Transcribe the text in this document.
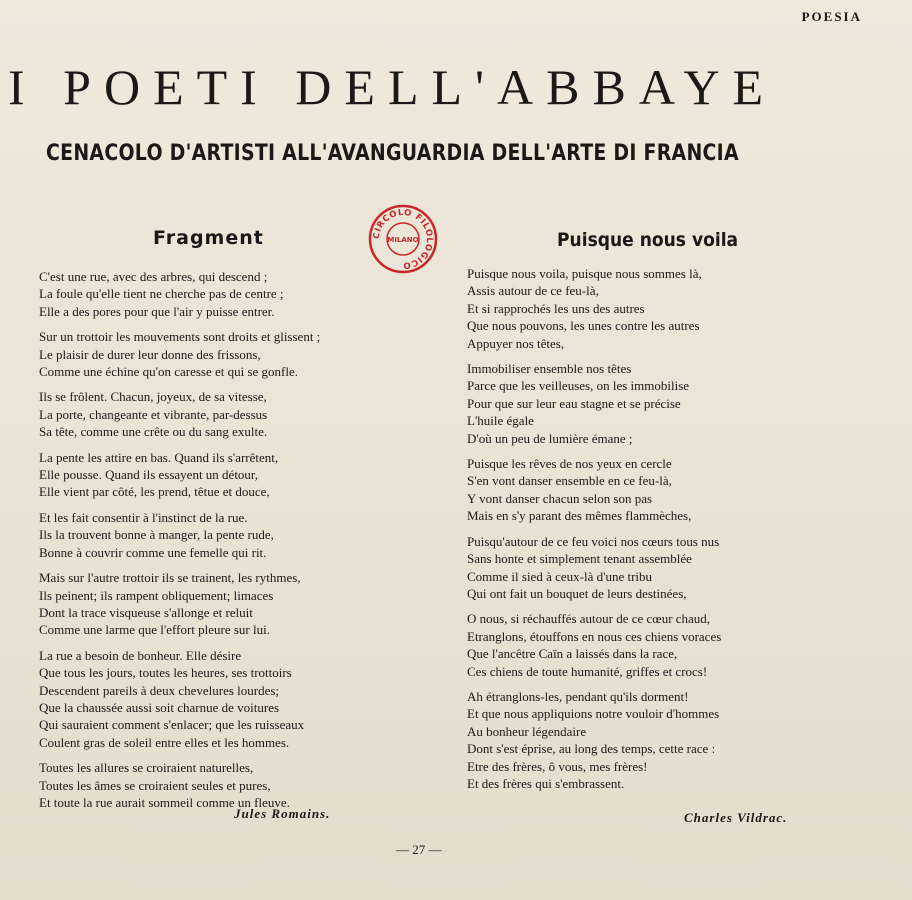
POESIA
I POETI DELL'ABBAYE
CENACOLO D'ARTISTI ALL'AVANGUARDIA DELL'ARTE DI FRANCIA
CIRCOLO FILOLOGICO
MILANO
Fragment	Puisque nous voila
C'est une rue, avec des arbres, qui descend ;
La foule qu'elle tient ne cherche pas de centre ;
Elle a des pores pour que l'air y puisse entrer.
Sur un trottoir les mouvements sont droits et glissent ;
Le plaisir de durer leur donne des frissons,
Comme une échine qu'on caresse et qui se gonfle.
Ils se frôlent. Chacun, joyeux, de sa vitesse,
La porte, changeante et vibrante, par-dessus
Sa tête, comme une crête ou du sang exulte.
La pente les attire en bas. Quand ils s'arrêtent,
Elle pousse. Quand ils essayent un détour,
Elle vient par côté, les prend, têtue et douce,
Et les fait consentir à l'instinct de la rue.
Ils la trouvent bonne à manger, la pente rude,
Bonne à couvrir comme une femelle qui rit.
Mais sur l'autre trottoir ils se trainent, les rythmes,
Ils peinent; ils rampent obliquement; limaces
Dont la trace visqueuse s'allonge et reluit
Comme une larme que l'effort pleure sur lui.
La rue a besoin de bonheur. Elle désire
Que tous les jours, toutes les heures, ses trottoirs
Descendent pareils à deux chevelures lourdes;
Que la chaussée aussi soit charnue de voitures
Qui sauraient comment s'enlacer; que les ruisseaux
Coulent gras de soleil entre elles et les hommes.
Toutes les allures se croiraient naturelles,
Toutes les âmes se croiraient seules et pures,
Et toute la rue aurait sommeil comme un fleuve.
Puisque nous voila, puisque nous sommes là,
Assis autour de ce feu-là,
Et si rapprochés les uns des autres
Que nous pouvons, les unes contre les autres
Appuyer nos têtes,
Immobiliser ensemble nos têtes
Parce que les veilleuses, on les immobilise
Pour que sur leur eau stagne et se précise
L'huile égale
D'où un peu de lumière émane ;
Puisque les rêves de nos yeux en cercle
S'en vont danser ensemble en ce feu-là,
Y vont danser chacun selon son pas
Mais en s'y parant des mêmes flammèches,
Puisqu'autour de ce feu voici nos cœurs tous nus
Sans honte et simplement tenant assemblée
Comme il sied à ceux-là d'une tribu
Qui ont fait un bouquet de leurs destinées,
O nous, si réchauffés autour de ce cœur chaud,
Etranglons, étouffons en nous ces chiens voraces
Que l'ancêtre Caïn a laissés dans la race,
Ces chiens de toute humanité, griffes et crocs!
Ah étranglons-les, pendant qu'ils dorment!
Et que nous appliquions notre vouloir d'hommes
Au bonheur légendaire
Dont s'est éprise, au long des temps, cette race :
Etre des frères, ô vous, mes frères!
Et des frères qui s'embrassent.
Jules Romains.	Charles Vildrac.
— 27 —
